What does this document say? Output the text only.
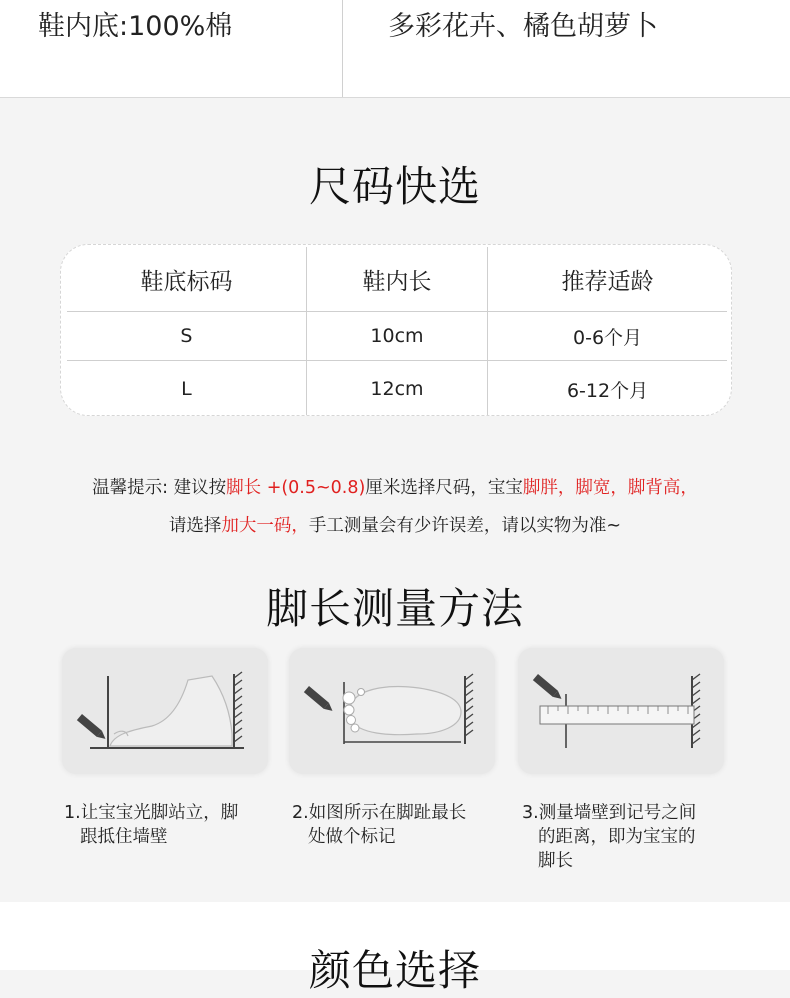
鞋内底:100%棉	多彩花卉、橘色胡萝卜
尺码快选
鞋底标码	鞋内长	推荐适龄
S	10cm	0-6个月
L	12cm	6-12个月
温馨提示: 建议按脚长 +(0.5~0.8)厘米选择尺码，宝宝脚胖，脚宽，脚背高，
请选择加大一码，手工测量会有少许误差，请以实物为准~
脚长测量方法
1.让宝宝光脚站立，脚
跟抵住墙壁
2.如图所示在脚趾最长
处做个标记
3.测量墙壁到记号之间
的距离，即为宝宝的
脚长
颜色选择
